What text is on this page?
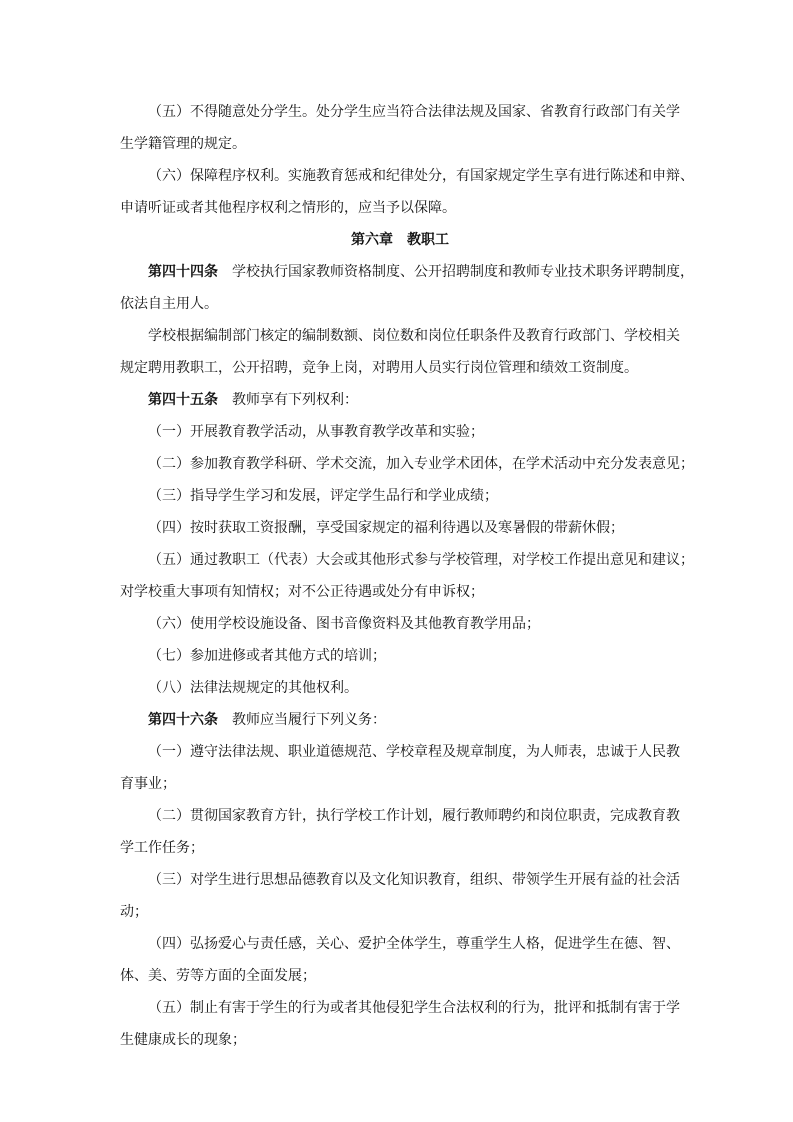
（五）不得随意处分学生。处分学生应当符合法律法规及国家、省教育行政部门有关学
生学籍管理的规定。

（六）保障程序权利。实施教育惩戒和纪律处分，有国家规定学生享有进行陈述和申辩、
申请听证或者其他程序权利之情形的，应当予以保障。

第六章　教职工

第四十四条 学校执行国家教师资格制度、公开招聘制度和教师专业技术职务评聘制度，
依法自主用人。

学校根据编制部门核定的编制数额、岗位数和岗位任职条件及教育行政部门、学校相关
规定聘用教职工，公开招聘，竞争上岗，对聘用人员实行岗位管理和绩效工资制度。

第四十五条 教师享有下列权利：

（一）开展教育教学活动，从事教育教学改革和实验；

（二）参加教育教学科研、学术交流，加入专业学术团体，在学术活动中充分发表意见；

（三）指导学生学习和发展，评定学生品行和学业成绩；

（四）按时获取工资报酬，享受国家规定的福利待遇以及寒暑假的带薪休假；

（五）通过教职工（代表）大会或其他形式参与学校管理，对学校工作提出意见和建议；
对学校重大事项有知情权；对不公正待遇或处分有申诉权；

（六）使用学校设施设备、图书音像资料及其他教育教学用品；

（七）参加进修或者其他方式的培训；

（八）法律法规规定的其他权利。

第四十六条 教师应当履行下列义务：

（一）遵守法律法规、职业道德规范、学校章程及规章制度，为人师表，忠诚于人民教
育事业；

（二）贯彻国家教育方针，执行学校工作计划，履行教师聘约和岗位职责，完成教育教
学工作任务；

（三）对学生进行思想品德教育以及文化知识教育，组织、带领学生开展有益的社会活
动；

（四）弘扬爱心与责任感，关心、爱护全体学生，尊重学生人格，促进学生在德、智、
体、美、劳等方面的全面发展；

（五）制止有害于学生的行为或者其他侵犯学生合法权利的行为，批评和抵制有害于学
生健康成长的现象；
